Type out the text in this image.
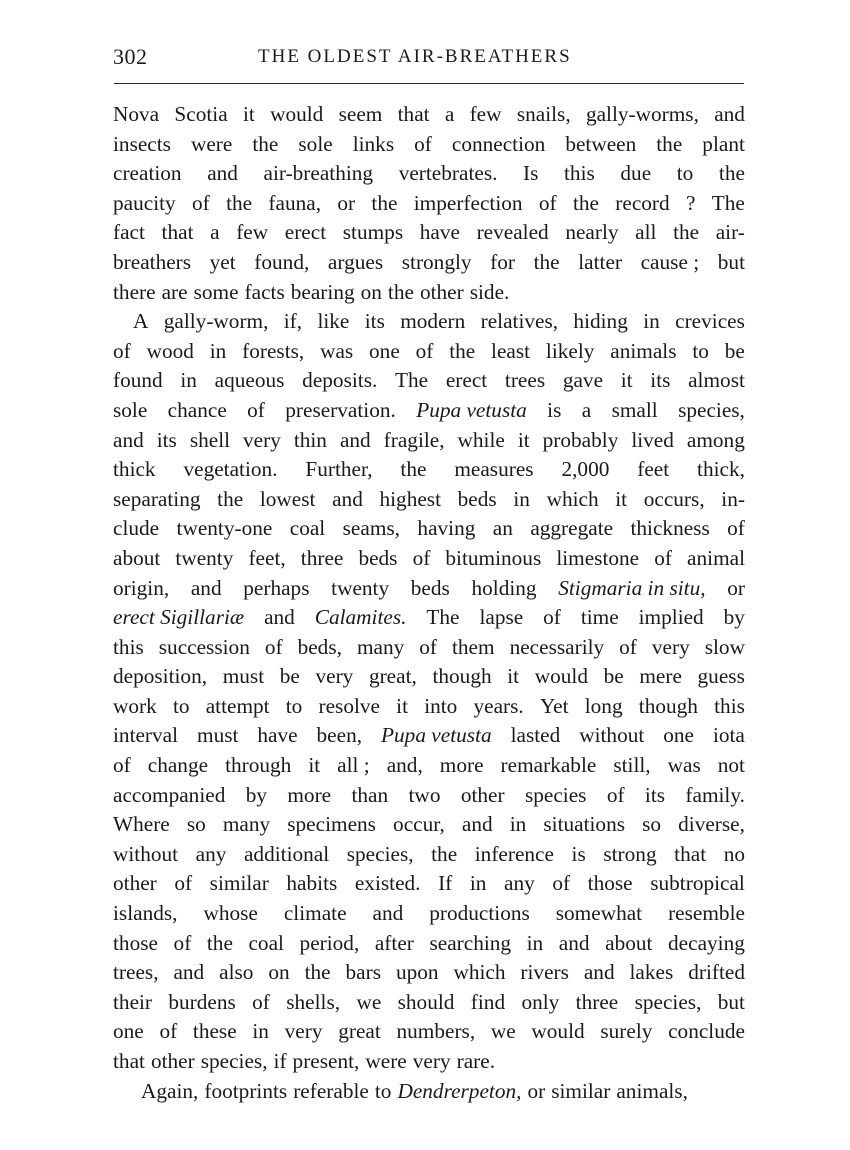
302	THE OLDEST AIR-BREATHERS
Nova Scotia it would seem that a few snails, gally-worms, and
insects were the sole links of connection between the plant
creation and air-breathing vertebrates. Is this due to the
paucity of the fauna, or the imperfection of the record ? The
fact that a few erect stumps have revealed nearly all the air-
breathers yet found, argues strongly for the latter cause ; but
there are some facts bearing on the other side.
A gally-worm, if, like its modern relatives, hiding in crevices
of wood in forests, was one of the least likely animals to be
found in aqueous deposits. The erect trees gave it its almost
sole chance of preservation. Pupa vetusta is a small species,
and its shell very thin and fragile, while it probably lived among
thick vegetation. Further, the measures 2,000 feet thick,
separating the lowest and highest beds in which it occurs, in-
clude twenty-one coal seams, having an aggregate thickness of
about twenty feet, three beds of bituminous limestone of animal
origin, and perhaps twenty beds holding Stigmaria in situ, or
erect Sigillariæ and Calamites. The lapse of time implied by
this succession of beds, many of them necessarily of very slow
deposition, must be very great, though it would be mere guess
work to attempt to resolve it into years. Yet long though this
interval must have been, Pupa vetusta lasted without one iota
of change through it all ; and, more remarkable still, was not
accompanied by more than two other species of its family.
Where so many specimens occur, and in situations so diverse,
without any additional species, the inference is strong that no
other of similar habits existed. If in any of those subtropical
islands, whose climate and productions somewhat resemble
those of the coal period, after searching in and about decaying
trees, and also on the bars upon which rivers and lakes drifted
their burdens of shells, we should find only three species, but
one of these in very great numbers, we would surely conclude
that other species, if present, were very rare.
Again, footprints referable to Dendrerpeton, or similar animals,
